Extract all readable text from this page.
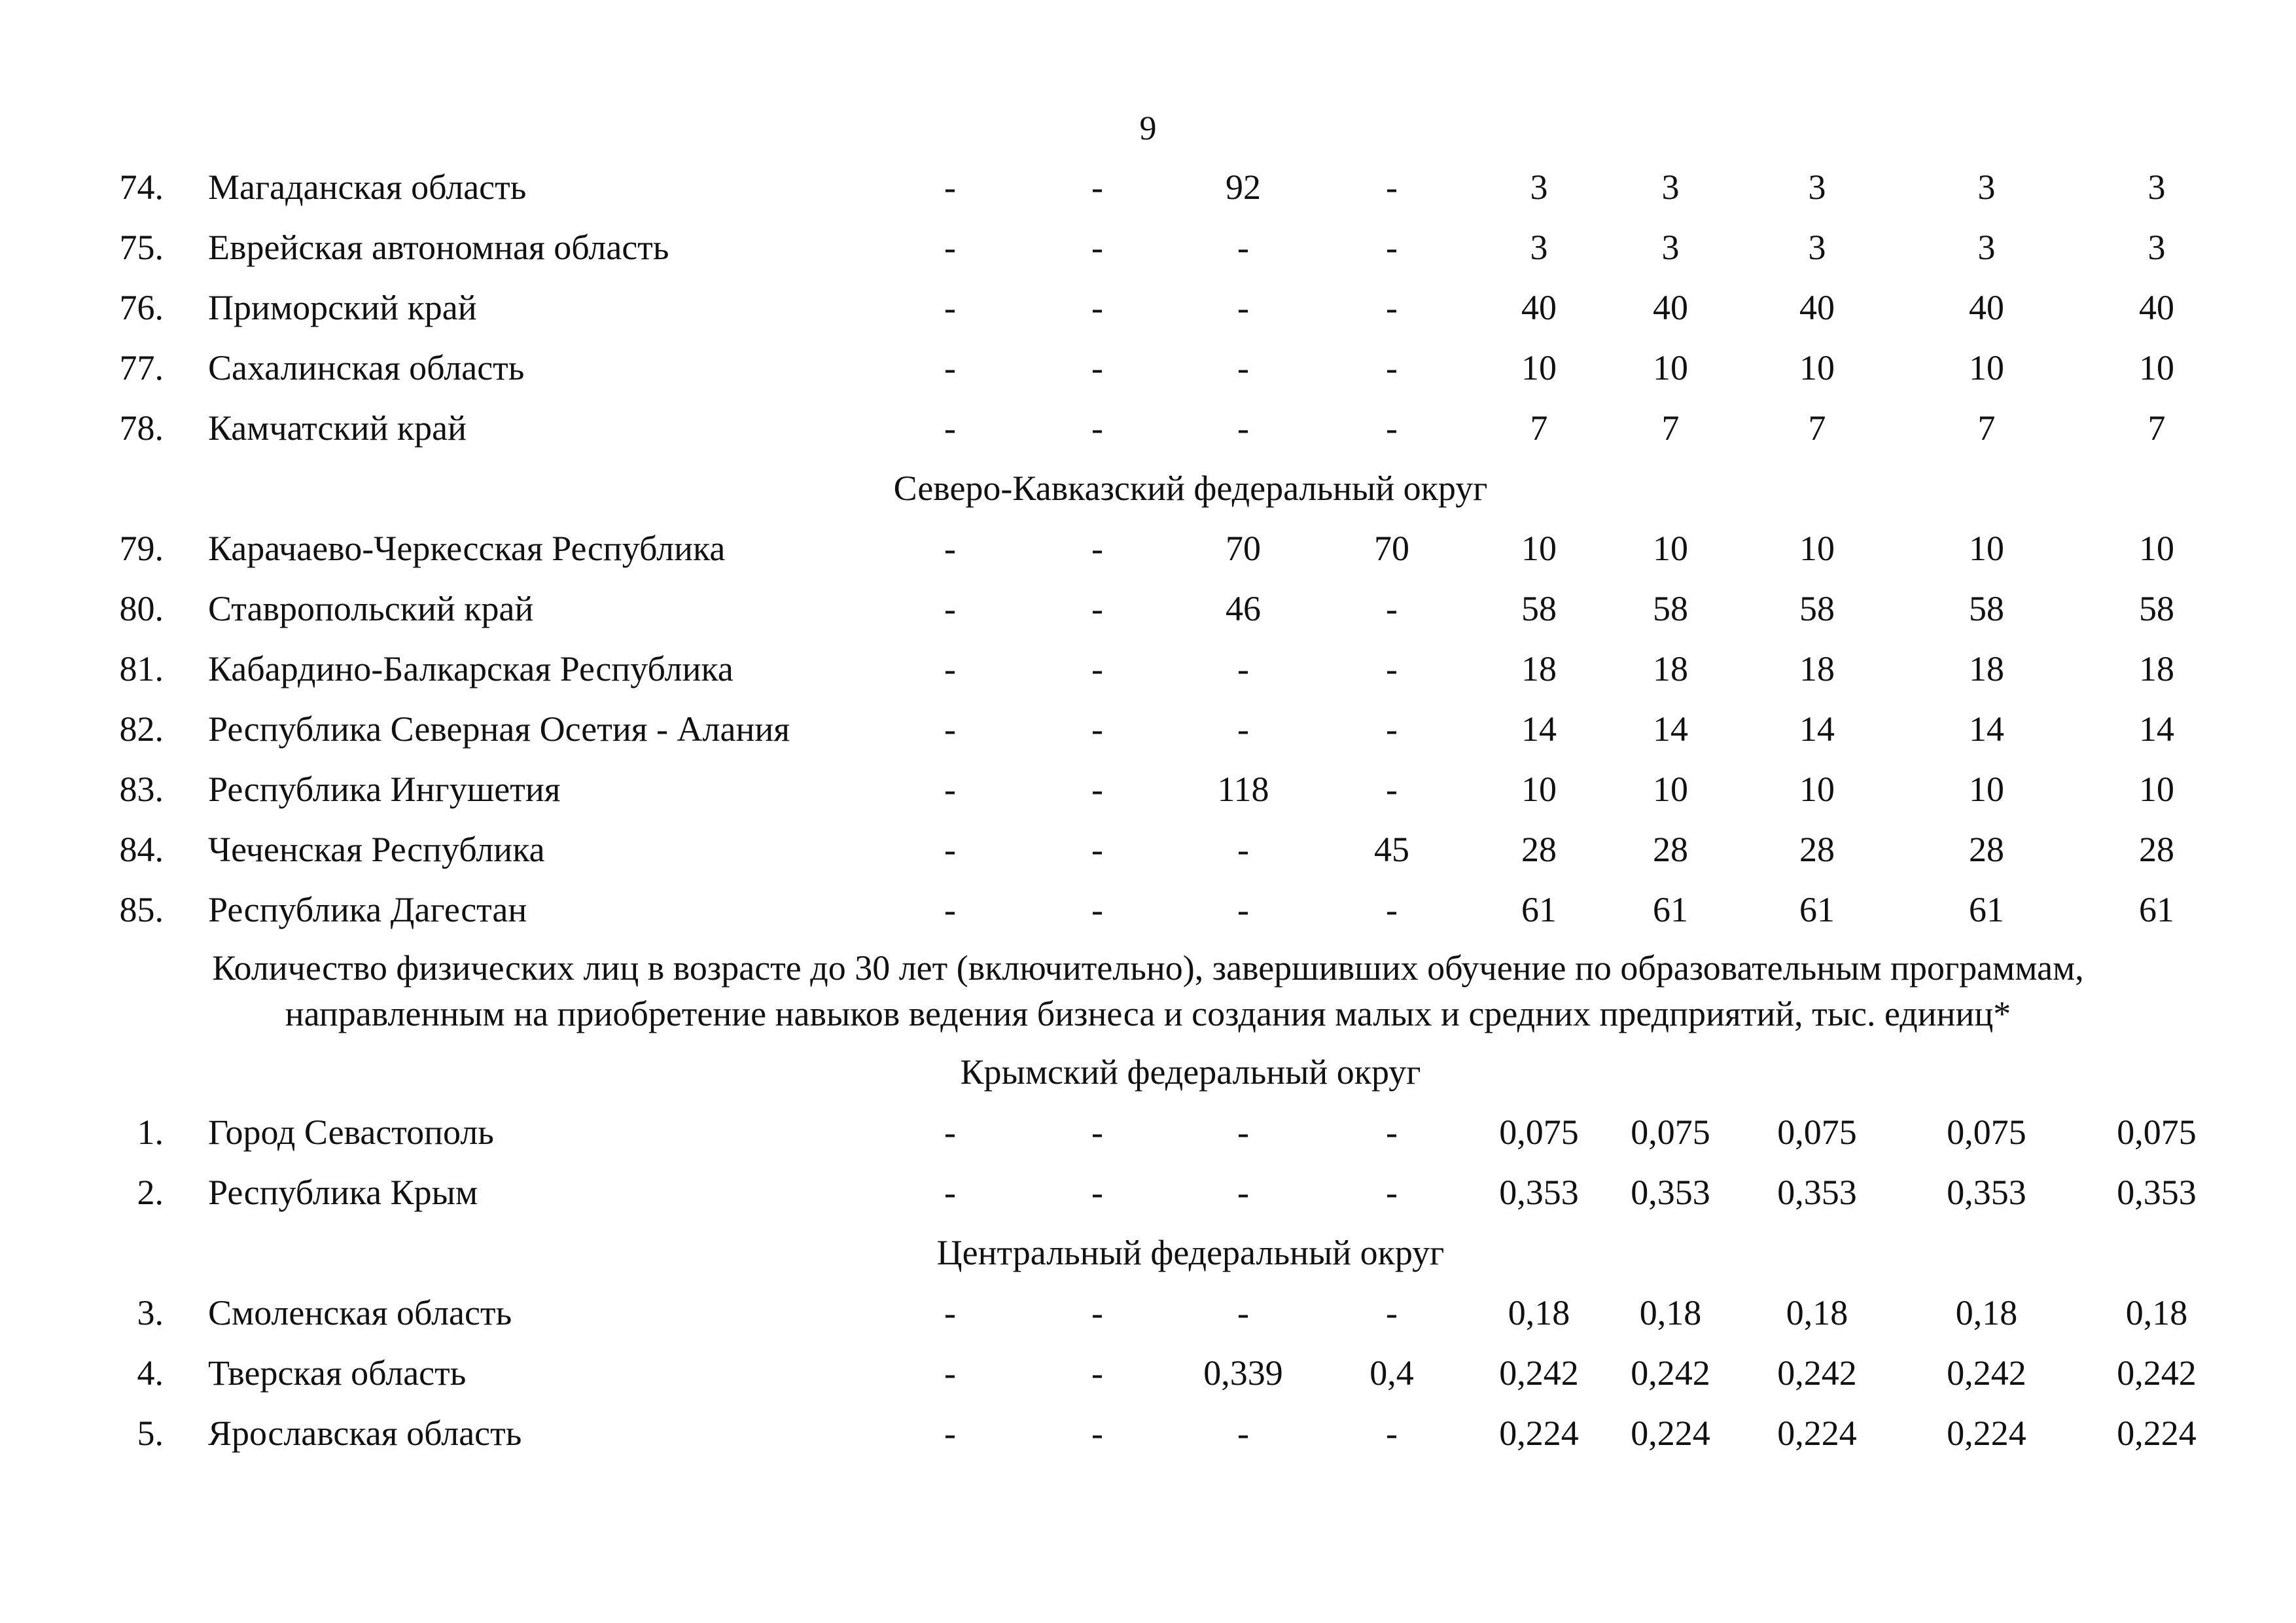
9
74. Магаданская область	-	-	92	-	3	3	3	3	3
75. Еврейская автономная область	-	-	-	-	3	3	3	3	3
76. Приморский край	-	-	-	-	40	40	40	40	40
77. Сахалинская область	-	-	-	-	10	10	10	10	10
78. Камчатский край	-	-	-	-	7	7	7	7	7
Северо-Кавказский федеральный округ
79. Карачаево-Черкесская Республика	-	-	70	70	10	10	10	10	10
80. Ставропольский край	-	-	46	-	58	58	58	58	58
81. Кабардино-Балкарская Республика	-	-	-	-	18	18	18	18	18
82. Республика Северная Осетия - Алания	-	-	-	-	14	14	14	14	14
83. Республика Ингушетия	-	-	118	-	10	10	10	10	10
84. Чеченская Республика	-	-	-	45	28	28	28	28	28
85. Республика Дагестан	-	-	-	-	61	61	61	61	61
Количество физических лиц в возрасте до 30 лет (включительно), завершивших обучение по образовательным программам,
направленным на приобретение навыков ведения бизнеса и создания малых и средних предприятий, тыс. единиц*
Крымский федеральный округ
1. Город Севастополь	-	-	-	-	0,075	0,075	0,075	0,075	0,075
2. Республика Крым	-	-	-	-	0,353	0,353	0,353	0,353	0,353
Центральный федеральный округ
3. Смоленская область	-	-	-	-	0,18	0,18	0,18	0,18	0,18
4. Тверская область	-	-	0,339	0,4	0,242	0,242	0,242	0,242	0,242
5. Ярославская область	-	-	-	-	0,224	0,224	0,224	0,224	0,224
